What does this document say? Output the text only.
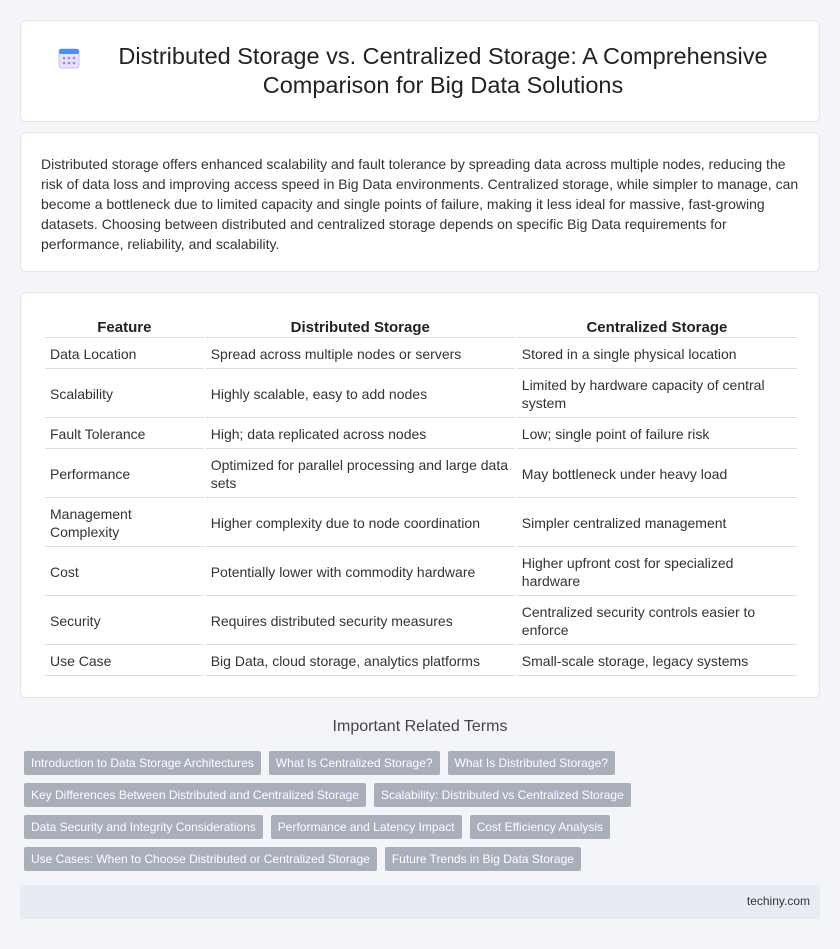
Distributed Storage vs. Centralized Storage: A Comprehensive Comparison for Big Data Solutions

Distributed storage offers enhanced scalability and fault tolerance by spreading data across multiple nodes, reducing the risk of data loss and improving access speed in Big Data environments. Centralized storage, while simpler to manage, can become a bottleneck due to limited capacity and single points of failure, making it less ideal for massive, fast-growing datasets. Choosing between distributed and centralized storage depends on specific Big Data requirements for performance, reliability, and scalability.

Feature	Distributed Storage	Centralized Storage
Data Location	Spread across multiple nodes or servers	Stored in a single physical location
Scalability	Highly scalable, easy to add nodes	Limited by hardware capacity of central system
Fault Tolerance	High; data replicated across nodes	Low; single point of failure risk
Performance	Optimized for parallel processing and large data sets	May bottleneck under heavy load
Management Complexity	Higher complexity due to node coordination	Simpler centralized management
Cost	Potentially lower with commodity hardware	Higher upfront cost for specialized hardware
Security	Requires distributed security measures	Centralized security controls easier to enforce
Use Case	Big Data, cloud storage, analytics platforms	Small-scale storage, legacy systems
Important Related Terms
Introduction to Data Storage Architectures	What Is Centralized Storage?	What Is Distributed Storage?
Key Differences Between Distributed and Centralized Storage	Scalability: Distributed vs Centralized Storage
Data Security and Integrity Considerations	Performance and Latency Impact	Cost Efficiency Analysis
Use Cases: When to Choose Distributed or Centralized Storage	Future Trends in Big Data Storage
techiny.com
